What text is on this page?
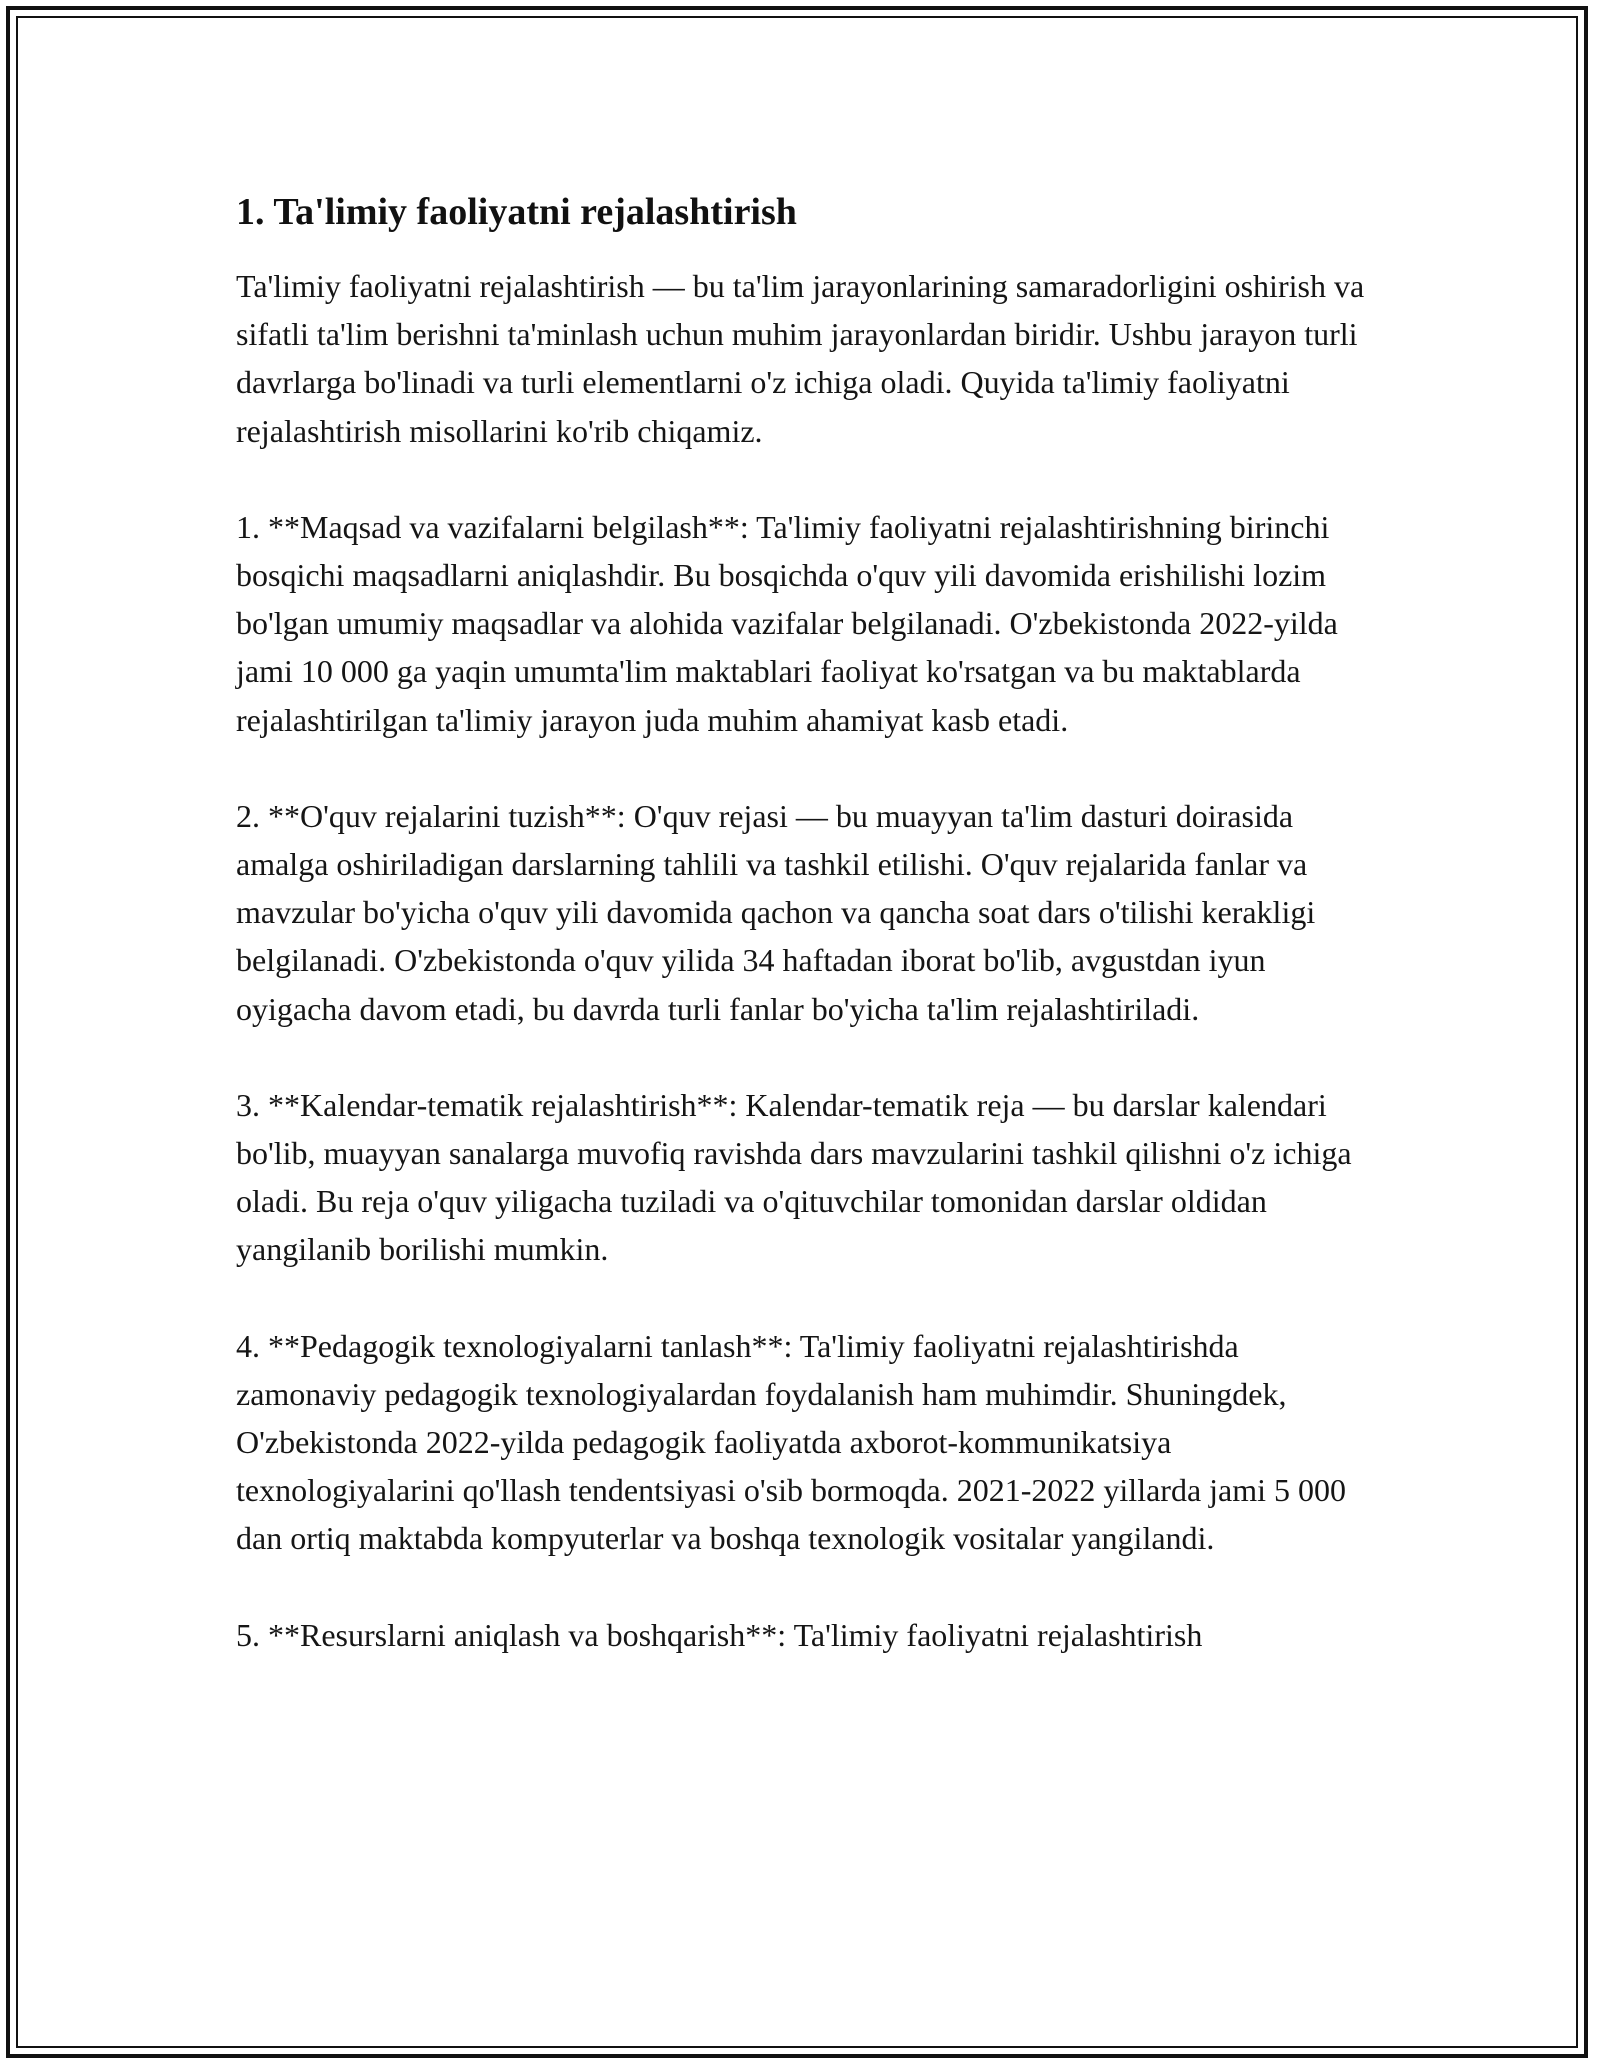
1. Ta'limiy faoliyatni rejalashtirish

Ta'limiy faoliyatni rejalashtirish — bu ta'lim jarayonlarining samaradorligini oshirish va sifatli ta'lim berishni ta'minlash uchun muhim jarayonlardan biridir. Ushbu jarayon turli davrlarga bo'linadi va turli elementlarni o'z ichiga oladi. Quyida ta'limiy faoliyatni rejalashtirish misollarini ko'rib chiqamiz.

1. **Maqsad va vazifalarni belgilash**: Ta'limiy faoliyatni rejalashtirishning birinchi bosqichi maqsadlarni aniqlashdir. Bu bosqichda o'quv yili davomida erishilishi lozim bo'lgan umumiy maqsadlar va alohida vazifalar belgilanadi. O'zbekistonda 2022-yilda jami 10 000 ga yaqin umumta'lim maktablari faoliyat ko'rsatgan va bu maktablarda rejalashtirilgan ta'limiy jarayon juda muhim ahamiyat kasb etadi.

2. **O'quv rejalarini tuzish**: O'quv rejasi — bu muayyan ta'lim dasturi doirasida amalga oshiriladigan darslarning tahlili va tashkil etilishi. O'quv rejalarida fanlar va mavzular bo'yicha o'quv yili davomida qachon va qancha soat dars o'tilishi kerakligi belgilanadi. O'zbekistonda o'quv yilida 34 haftadan iborat bo'lib, avgustdan iyun oyigacha davom etadi, bu davrda turli fanlar bo'yicha ta'lim rejalashtiriladi.

3. **Kalendar-tematik rejalashtirish**: Kalendar-tematik reja — bu darslar kalendari bo'lib, muayyan sanalarga muvofiq ravishda dars mavzularini tashkil qilishni o'z ichiga oladi. Bu reja o'quv yiligacha tuziladi va o'qituvchilar tomonidan darslar oldidan yangilanib borilishi mumkin.

4. **Pedagogik texnologiyalarni tanlash**: Ta'limiy faoliyatni rejalashtirishda zamonaviy pedagogik texnologiyalardan foydalanish ham muhimdir. Shuningdek, O'zbekistonda 2022-yilda pedagogik faoliyatda axborot-kommunikatsiya texnologiyalarini qo'llash tendentsiyasi o'sib bormoqda. 2021-2022 yillarda jami 5 000 dan ortiq maktabda kompyuterlar va boshqa texnologik vositalar yangilandi.

5. **Resurslarni aniqlash va boshqarish**: Ta'limiy faoliyatni rejalashtirish
